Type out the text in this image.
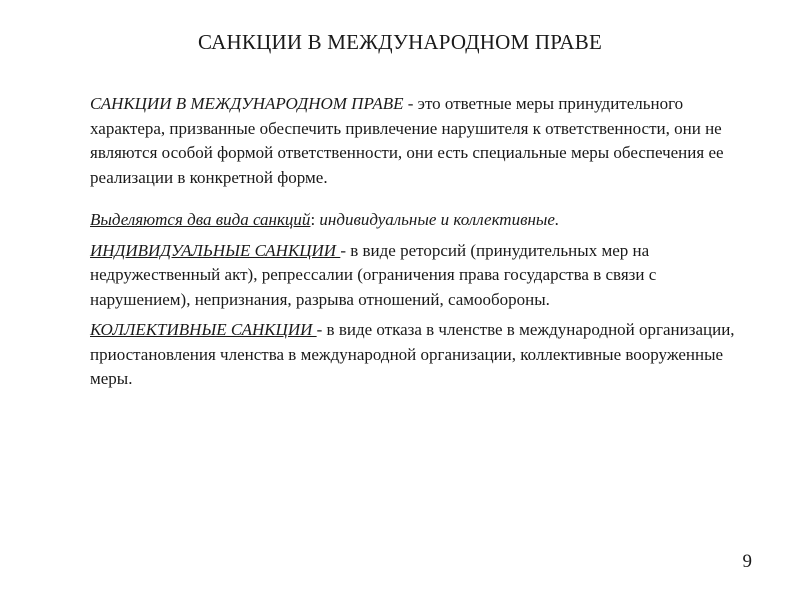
САНКЦИИ В МЕЖДУНАРОДНОМ ПРАВЕ

САНКЦИИ В МЕЖДУНАРОДНОМ ПРАВЕ - это ответные меры принудительного характера, призванные обеспечить привлечение нарушителя к ответственности, они не являются особой формой ответственности, они есть специальные меры обеспечения ее реализации в конкретной форме.

Выделяются два вида санкций: индивидуальные и коллективные.

ИНДИВИДУАЛЬНЫЕ САНКЦИИ - в виде реторсий (принудительных мер на недружественный акт), репрессалии (ограничения права государства в связи с нарушением), непризнания, разрыва отношений, самообороны.

КОЛЛЕКТИВНЫЕ САНКЦИИ - в виде отказа в членстве в международной организации, приостановления членства в международной организации, коллективные вооруженные меры.

9
